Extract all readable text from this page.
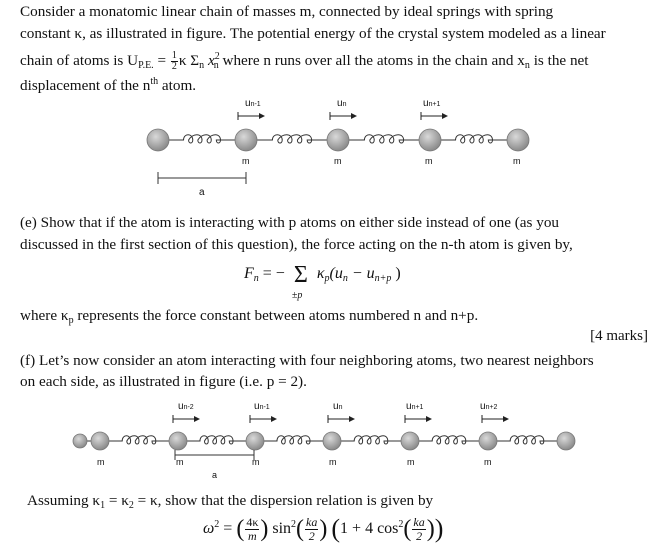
Consider a monatomic linear chain of masses m, connected by ideal springs with spring
constant κ, as illustrated in figure. The potential energy of the crystal system modeled as a linear
chain of atoms is $U_{P.E.} = \frac{1}{2}$ κ $\Sigma_n$ $x^2_n$ where n runs over all the atoms in the chain and $x_n$ is the net
displacement of the $n^{th}$ atom.
a
un-1	un	un+1
m	m	m	m
(e) Show that if the atom is interacting with p atoms on either side instead of one (as you
discussed in the first section of this question), the force acting on the n-th atom is given by,
$F_n$ = − Σ
±p
$\kappa_p(u_n - u_{n+p}$ )
where $\kappa_p$ represents the force constant between atoms numbered n and n+p.
[4 marks]
(f) Let’s now consider an atom interacting with four neighboring atoms, two nearest neighbors
on each side, as illustrated in figure (i.e. p = 2).
un-2	un-1	un	un+1	un+2
m	m	m	m	m	m
a
Assuming $\kappa_1 = \kappa_2 = \kappa$, show that the dispersion relation is given by
$\omega^2$ = ( $\frac{4\kappa}{m}$ ) $\sin^2( \frac{ka}{2}$ ) (1 + 4 $\cos^2( \frac{ka}{2}$ ))
